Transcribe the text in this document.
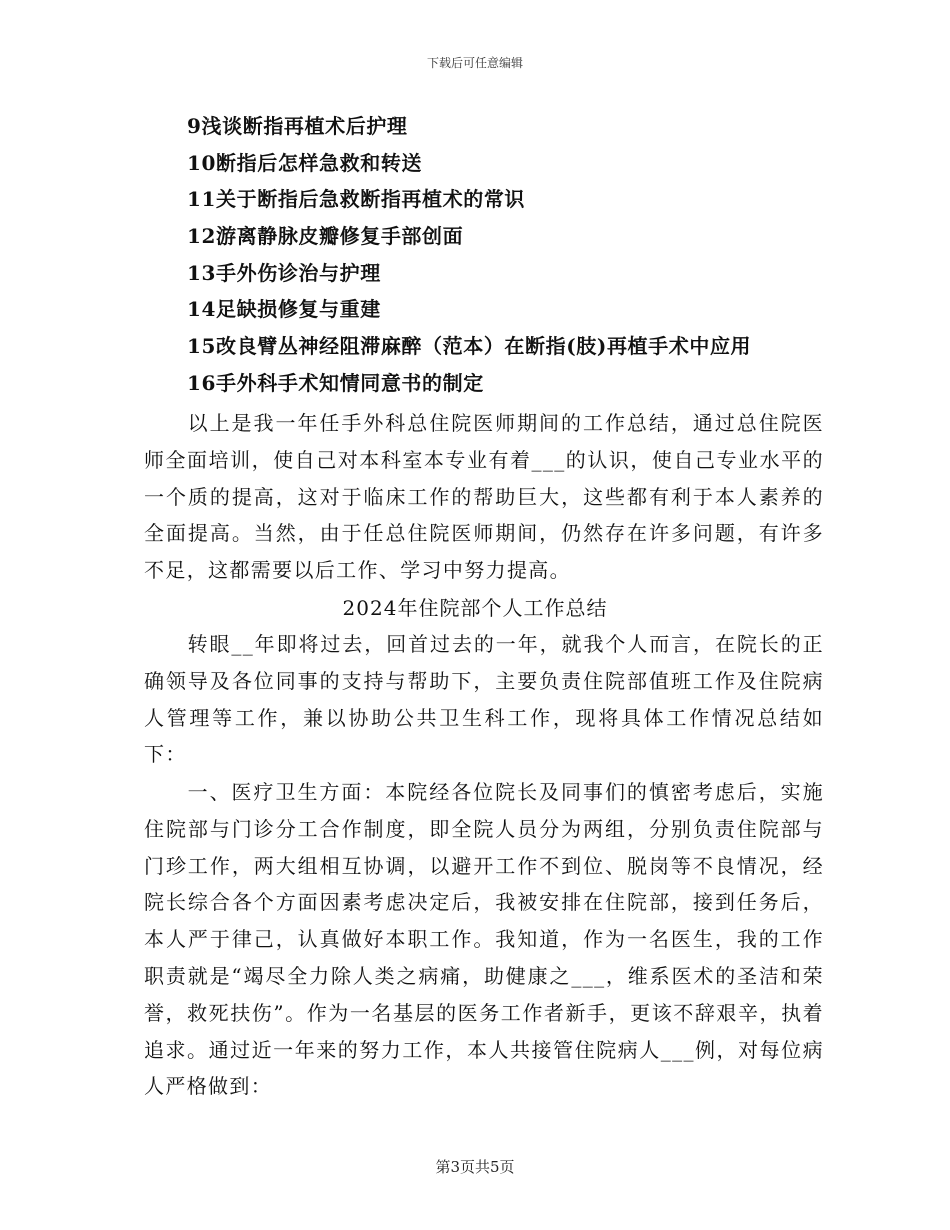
下载后可任意编辑
9浅谈断指再植术后护理
10断指后怎样急救和转送
11关于断指后急救断指再植术的常识
12游离静脉皮瓣修复手部创面
13手外伤诊治与护理
14足缺损修复与重建
15改良臂丛神经阻滞麻醉（范本）在断指(肢)再植手术中应用
16手外科手术知情同意书的制定

以上是我一年任手外科总住院医师期间的工作总结，通过总住院医师全面培训，使自己对本科室本专业有着___的认识，使自己专业水平的一个质的提高，这对于临床工作的帮助巨大，这些都有利于本人素养的全面提高。当然，由于任总住院医师期间，仍然存在许多问题，有许多不足，这都需要以后工作、学习中努力提高。

2024年住院部个人工作总结

转眼__年即将过去，回首过去的一年，就我个人而言，在院长的正确领导及各位同事的支持与帮助下，主要负责住院部值班工作及住院病人管理等工作，兼以协助公共卫生科工作，现将具体工作情况总结如下：

一、医疗卫生方面：本院经各位院长及同事们的慎密考虑后，实施住院部与门诊分工合作制度，即全院人员分为两组，分别负责住院部与门珍工作，两大组相互协调，以避开工作不到位、脱岗等不良情况，经院长综合各个方面因素考虑决定后，我被安排在住院部，接到任务后，本人严于律己，认真做好本职工作。我知道，作为一名医生，我的工作职责就是“竭尽全力除人类之病痛，助健康之___，维系医术的圣洁和荣誉，救死扶伤”。作为一名基层的医务工作者新手，更该不辞艰辛，执着追求。通过近一年来的努力工作，本人共接管住院病人___例，对每位病人严格做到：

第3页共5页
